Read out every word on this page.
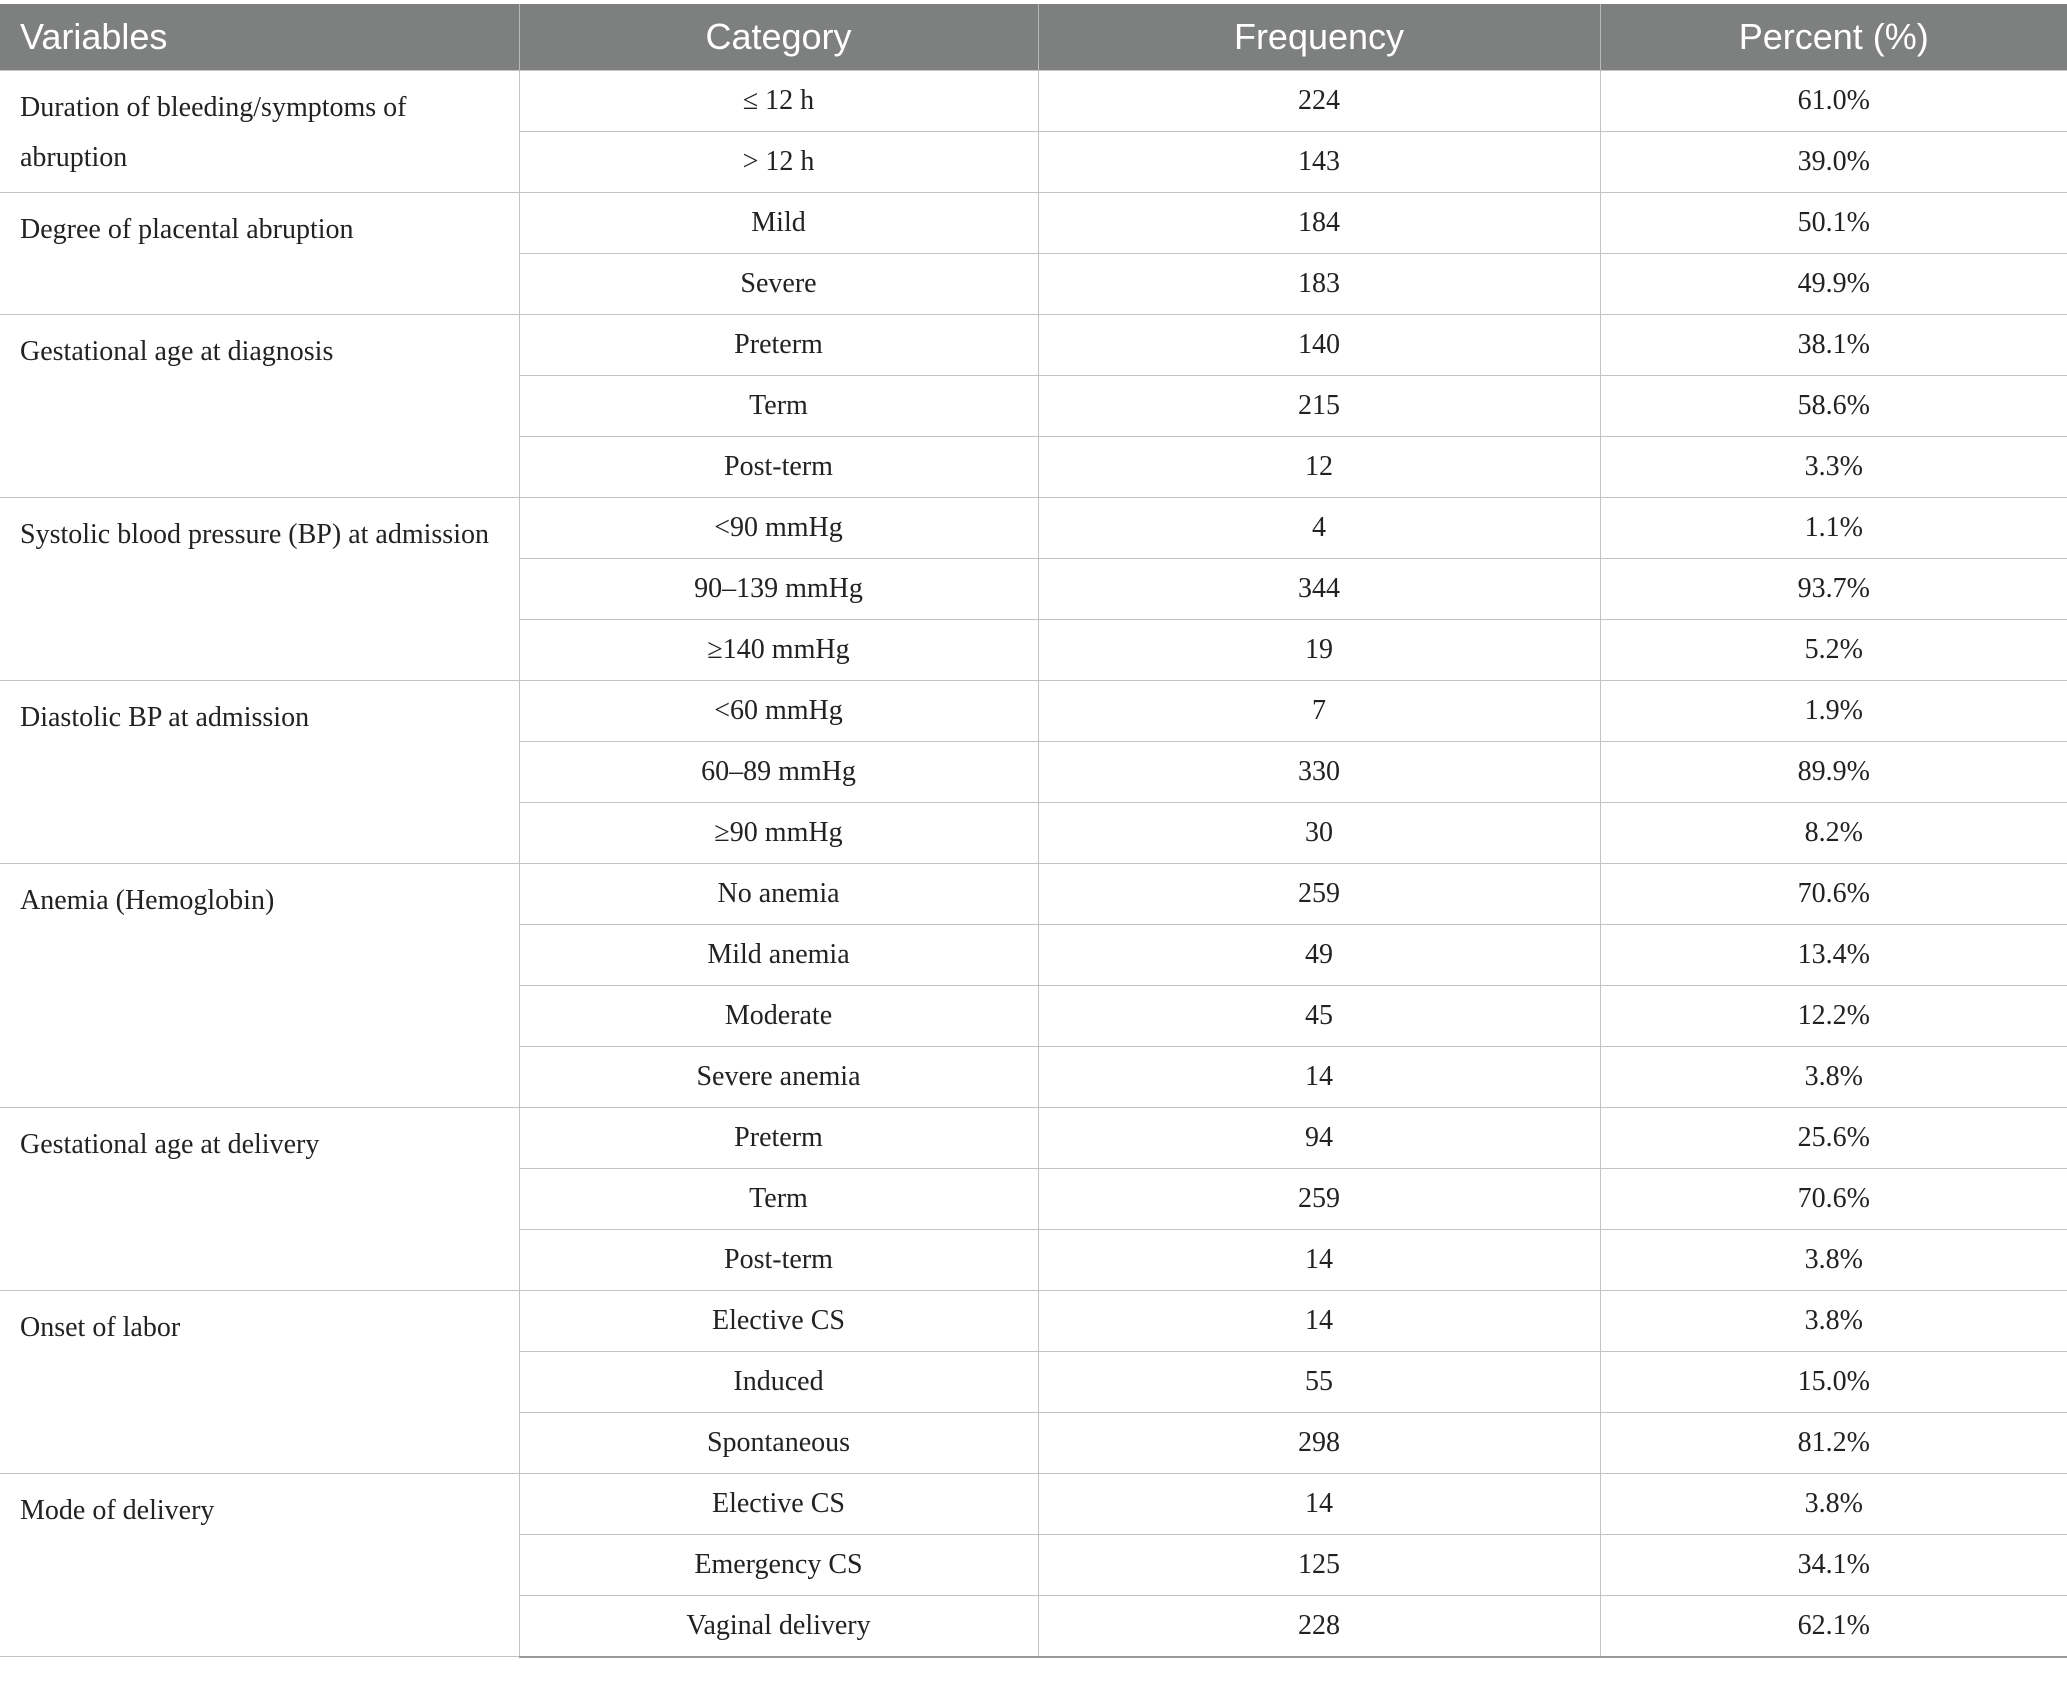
Variables	Category	Frequency	Percent (%)
Duration of bleeding/symptoms of abruption	≤ 12 h	224	61.0%
	> 12 h	143	39.0%
Degree of placental abruption	Mild	184	50.1%
	Severe	183	49.9%
Gestational age at diagnosis	Preterm	140	38.1%
	Term	215	58.6%
	Post-term	12	3.3%
Systolic blood pressure (BP) at admission	<90 mmHg	4	1.1%
	90–139 mmHg	344	93.7%
	≥140 mmHg	19	5.2%
Diastolic BP at admission	<60 mmHg	7	1.9%
	60–89 mmHg	330	89.9%
	≥90 mmHg	30	8.2%
Anemia (Hemoglobin)	No anemia	259	70.6%
	Mild anemia	49	13.4%
	Moderate	45	12.2%
	Severe anemia	14	3.8%
Gestational age at delivery	Preterm	94	25.6%
	Term	259	70.6%
	Post-term	14	3.8%
Onset of labor	Elective CS	14	3.8%
	Induced	55	15.0%
	Spontaneous	298	81.2%
Mode of delivery	Elective CS	14	3.8%
	Emergency CS	125	34.1%
	Vaginal delivery	228	62.1%
